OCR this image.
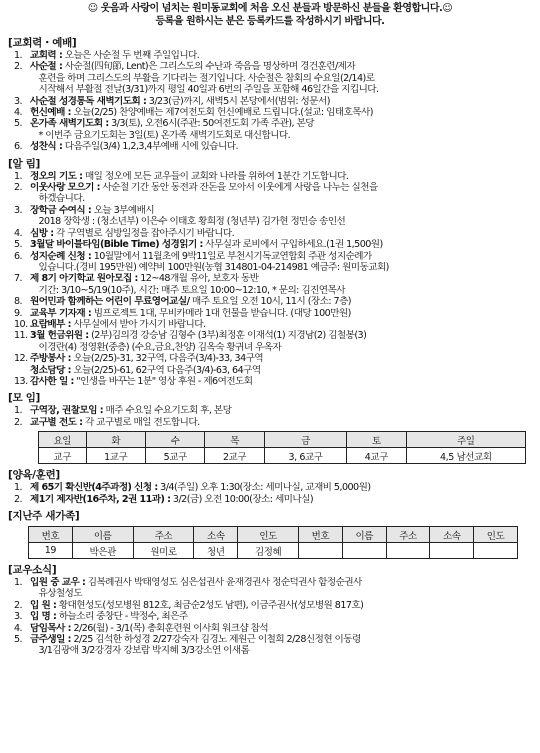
☺ 웃음과 사랑이 넘치는 원미동교회에 처음 오신 분들과 방문하신 분들을 환영합니다.☺
등록을 원하시는 분은 등록카드를 작성하시기 바랍니다.
[교회력・예배]
1. 교회력 : 오늘은 사순절 두 번째 주일입니다.
2. 사순절 : 사순절(四旬節, Lent)은 그리스도의 수난과 죽음을 명상하며 경건훈련/제자
훈련을 하며 그리스도의 부활을 기다리는 절기입니다. 사순절은 참회의 수요일(2/14)로
시작해서 부활절 전날(3/31)까지 평일 40일과 6번의 주일을 포함해 46일간을 지킵니다.
3. 사순절 성경통독 새벽기도회 : 3/23(금)까지, 새벽5시 본당에서(범위: 성문서)
4. 헌신예배 : 오늘(2/25) 찬양예배는 제7여전도회 헌신예배로 드립니다.(설교: 임태호목사)
5. 온가족 새벽기도회 : 3/3(토), 오전6시(주관: 50여전도회 가족 주관), 본당
* 이번주 금요기도회는 3일(토) 온가족 새벽기도회로 대신합니다.
6. 성찬식 : 다음주일(3/4) 1,2,3,4부예배 시에 있습니다.
[알 림]
1. 정오의 기도 : 매일 정오에 모든 교우들이 교회와 나라를 위하여 1분간 기도합니다.
2. 이웃사랑 모으기 : 사순절 기간 동안 동전과 잔돈을 모아서 이웃에게 사랑을 나누는 실천을
하겠습니다.
3. 장학금 수여식 : 오늘 3부예배시
2018 장학생 : (청소년부) 이은수 이태호 황희정 (청년부) 김가현 정민승 송인선
4. 심방 : 각 구역별로 심방일정을 잡아주시기 바랍니다.
5. 3월달 바이블타임(Bible Time) 성경읽기 : 사무실과 로비에서 구입하세요.(1권 1,500원)
6. 성지순례 신청 : 10월말에서 11월초에 9박11일로 부천시기독교연합회 주관 성지순례가
있습니다.(경비 195만원) 예약비 100만원(농협 314801-04-214981 예금주: 원미동교회)
7. 제 8기 아기학교 원아모집 : 12~48개월 유아, 보호자 동반
기간: 3/10~5/19(10주), 시간: 매주 토요일 10:00~12:10, * 문의: 김진연목사
8. 원어민과 함께하는 어린이 무료영어교실/ 매주 토요일 오전 10시, 11시 (장소: 7층)
9. 교육부 기자재 : 빔프로젝트 1대, 무비카메라 1대 헌물을 받습니다. (대당 100만원)
10. 요람배부 : 사무실에서 받아 가시기 바랍니다.
11. 3월 헌금위원 : (2부)김의경 강승남 김형수 (3부)최정훈 이재석(1) 지경남(2) 김철봉(3)
이경란(4) 정영환(중층) (수요,금요,찬양) 김옥숙 황귀녀 우옥자
12. 주방봉사 : 오늘(2/25)-31, 32구역, 다음주(3/4)-33, 34구역
청소담당 : 오늘(2/25)-61, 62구역 다음주(3/4)-63, 64구역
13. 감사한 일 : "인생을 바꾸는 1분" 영상 후원 - 제6여전도회
[모 임]
1. 구역장, 권찰모임 : 매주 수요일 수요기도회 후, 본당
2. 교구별 전도 : 각 교구별로 매일 전도합니다.
요일	화	수	목	금	토	주일
교구	1교구	5교구	2교구	3, 6교구	4교구	4,5 남선교회
[양육/훈련]
1. 제 65기 확신반(4주과정) 신청 : 3/4(주일) 오후 1:30(장소: 세미나실, 교재비 5,000원)
2. 제1기 제자반(16주차, 2권 11과) : 3/2(금) 오전 10:00(장소: 세미나실)
[지난주 새가족]
번호	이름	주소	소속	인도	번호	이름	주소	소속	인도
19	박은관	원미로	청년	김정혜					
[교우소식]
1. 입원 중 교우 : 김복례권사 박태영성도 심은섭권사 윤재경권사 정순덕권사 함정순권사
유상철성도
2. 입 원 : 황대현성도(성모병원 812호, 최금순2성도 남편), 이금주권사(성모병원 817호)
3. 입 명 : 하늘소리 중창단 - 박정수, 최은주
4. 담임목사 : 2/26(월) - 3/1(목) 총회훈련원 이사회 워크샵 참석
5. 금주생일 : 2/25 김석한 하성경 2/27강숙자 김경노 제원근 이철희 2/28신정현 이동령
3/1김광애 3/2강경자 강보람 박지혜 3/3강소연 이새롬
